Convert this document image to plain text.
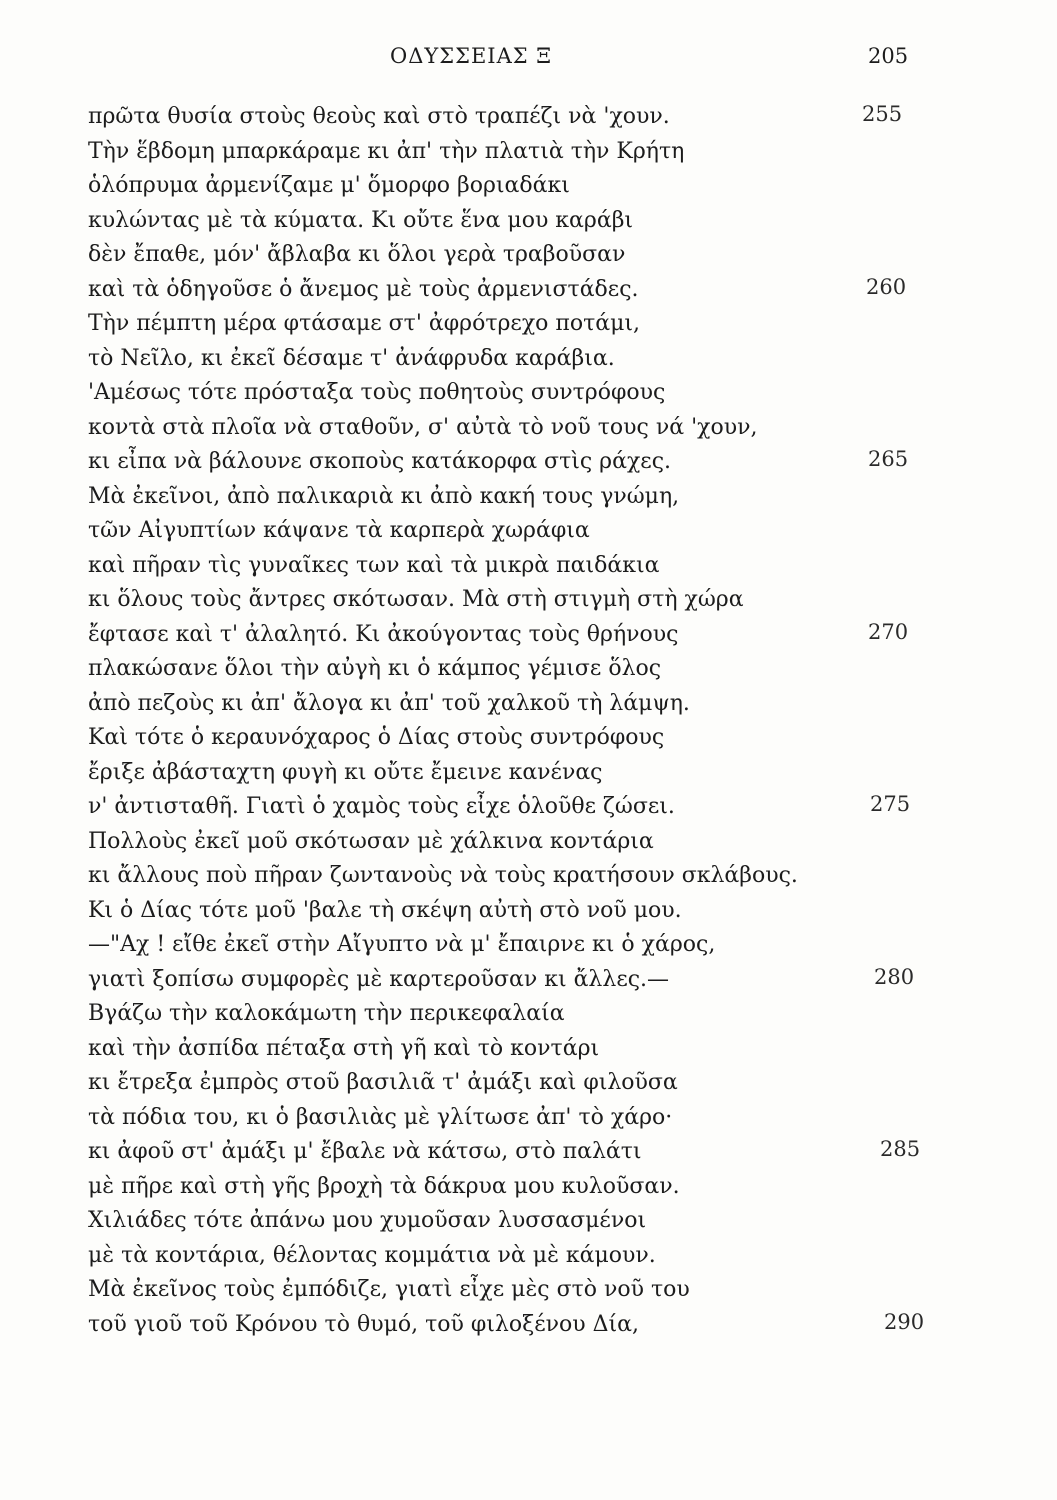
ΟΔΥΣΣΕΙΑΣ Ξ	205
πρῶτα θυσία στοὺς θεοὺς καὶ στὸ τραπέζι νὰ 'χουν.
Τὴν ἕβδομη μπαρκάραμε κι ἀπ' τὴν πλατιὰ τὴν Κρήτη
ὁλόπρυμα ἀρμενίζαμε μ' ὅμορφο βοριαδάκι
κυλώντας μὲ τὰ κύματα. Κι οὔτε ἕνα μου καράβι
δὲν ἔπαθε, μόν' ἄβλαβα κι ὅλοι γερὰ τραβοῦσαν
καὶ τὰ ὁδηγοῦσε ὁ ἄνεμος μὲ τοὺς ἀρμενιστάδες.
Τὴν πέμπτη μέρα φτάσαμε στ' ἀφρότρεχο ποτάμι,
τὸ Νεῖλο, κι ἐκεῖ δέσαμε τ' ἀνάφρυδα καράβια.
'Αμέσως τότε πρόσταξα τοὺς ποθητοὺς συντρόφους
κοντὰ στὰ πλοῖα νὰ σταθοῦν, σ' αὐτὰ τὸ νοῦ τους νά 'χουν,
κι εἶπα νὰ βάλουνε σκοποὺς κατάκορφα στὶς ράχες.
Μὰ ἐκεῖνοι, ἀπὸ παλικαριὰ κι ἀπὸ κακή τους γνώμη,
τῶν Αἰγυπτίων κάψανε τὰ καρπερὰ χωράφια
καὶ πῆραν τὶς γυναῖκες των καὶ τὰ μικρὰ παιδάκια
κι ὅλους τοὺς ἄντρες σκότωσαν. Μὰ στὴ στιγμὴ στὴ χώρα
ἔφτασε καὶ τ' ἀλαλητό. Κι ἀκούγοντας τοὺς θρήνους
πλακώσανε ὅλοι τὴν αὐγὴ κι ὁ κάμπος γέμισε ὅλος
ἀπὸ πεζοὺς κι ἀπ' ἄλογα κι ἀπ' τοῦ χαλκοῦ τὴ λάμψη.
Καὶ τότε ὁ κεραυνόχαρος ὁ Δίας στοὺς συντρόφους
ἔριξε ἀβάσταχτη φυγὴ κι οὔτε ἔμεινε κανένας
ν' ἀντισταθῆ. Γιατὶ ὁ χαμὸς τοὺς εἶχε ὁλοῦθε ζώσει.
Πολλοὺς ἐκεῖ μοῦ σκότωσαν μὲ χάλκινα κοντάρια
κι ἄλλους ποὺ πῆραν ζωντανοὺς νὰ τοὺς κρατήσουν σκλάβους.
Κι ὁ Δίας τότε μοῦ 'βαλε τὴ σκέψη αὐτὴ στὸ νοῦ μου.
—"Αχ ! εἴθε ἐκεῖ στὴν Αἴγυπτο νὰ μ' ἔπαιρνε κι ὁ χάρος,
γιατὶ ξοπίσω συμφορὲς μὲ καρτεροῦσαν κι ἄλλες.—
Βγάζω τὴν καλοκάμωτη τὴν περικεφαλαία
καὶ τὴν ἀσπίδα πέταξα στὴ γῆ καὶ τὸ κοντάρι
κι ἔτρεξα ἐμπρὸς στοῦ βασιλιᾶ τ' ἀμάξι καὶ φιλοῦσα
τὰ πόδια του, κι ὁ βασιλιὰς μὲ γλίτωσε ἀπ' τὸ χάρο·
κι ἀφοῦ στ' ἀμάξι μ' ἔβαλε νὰ κάτσω, στὸ παλάτι
μὲ πῆρε καὶ στὴ γῆς βροχὴ τὰ δάκρυα μου κυλοῦσαν.
Χιλιάδες τότε ἀπάνω μου χυμοῦσαν λυσσασμένοι
μὲ τὰ κοντάρια, θέλοντας κομμάτια νὰ μὲ κάμουν.
Μὰ ἐκεῖνος τοὺς ἐμπόδιζε, γιατὶ εἶχε μὲς στὸ νοῦ του
τοῦ γιοῦ τοῦ Κρόνου τὸ θυμό, τοῦ φιλοξένου Δία,
255
260
265
270
275
280
285
290
